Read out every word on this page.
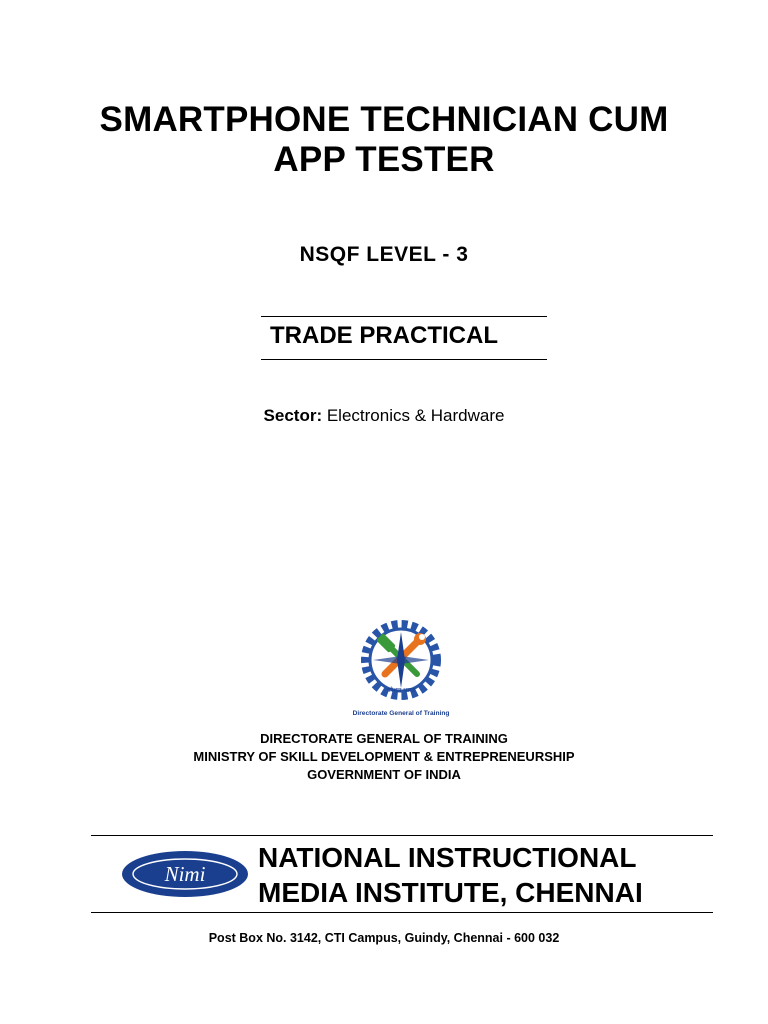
SMARTPHONE TECHNICIAN CUM
APP TESTER
NSQF LEVEL - 3
TRADE PRACTICAL
Sector: Electronics & Hardware
कौशल भारत
Directorate General of Training
DIRECTORATE GENERAL OF TRAINING
MINISTRY OF SKILL DEVELOPMENT & ENTREPRENEURSHIP
GOVERNMENT OF INDIA
Nimi
NATIONAL INSTRUCTIONAL
MEDIA INSTITUTE, CHENNAI
Post Box No. 3142, CTI Campus, Guindy, Chennai - 600 032
